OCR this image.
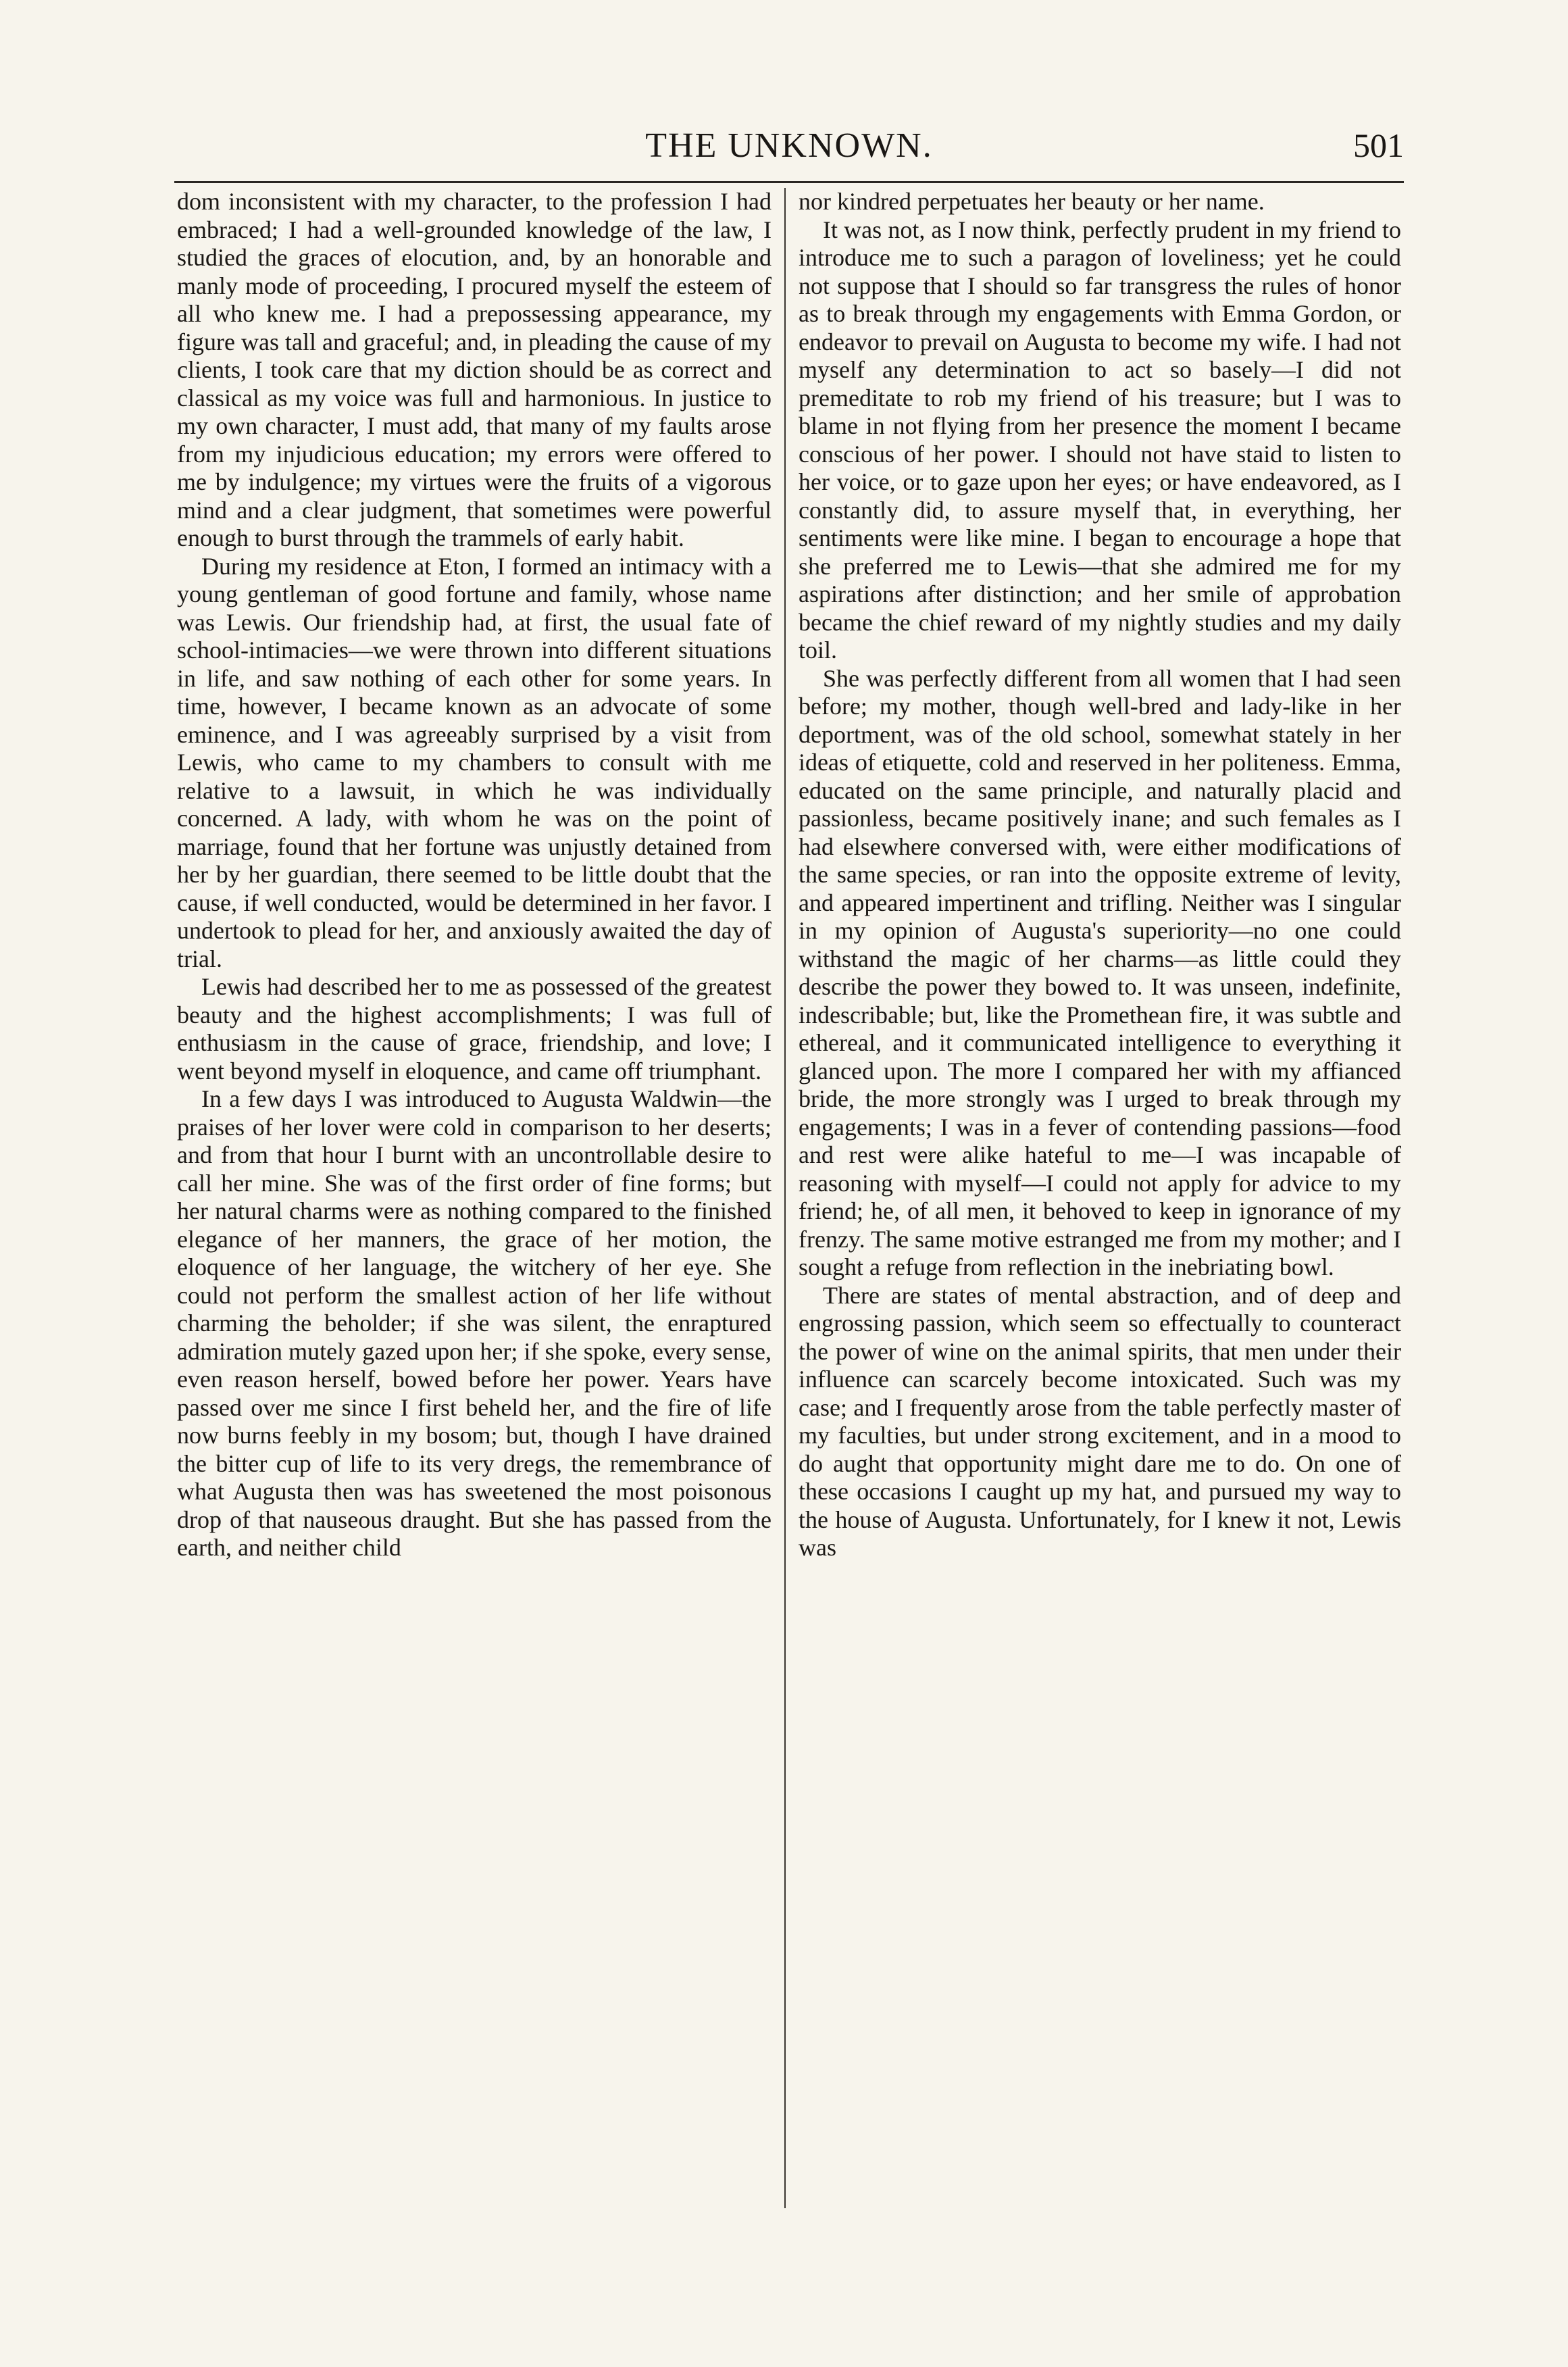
THE UNKNOWN.	501

dom inconsistent with my character, to the profession I had embraced; I had a well-grounded knowledge of the law, I studied the graces of elocution, and, by an honorable and manly mode of proceeding, I procured myself the esteem of all who knew me. I had a prepossessing appearance, my figure was tall and graceful; and, in pleading the cause of my clients, I took care that my diction should be as correct and classical as my voice was full and harmonious. In justice to my own character, I must add, that many of my faults arose from my injudicious education; my errors were offered to me by indulgence; my virtues were the fruits of a vigorous mind and a clear judgment, that sometimes were powerful enough to burst through the trammels of early habit.

During my residence at Eton, I formed an intimacy with a young gentleman of good fortune and family, whose name was Lewis. Our friendship had, at first, the usual fate of school-intimacies—we were thrown into different situations in life, and saw nothing of each other for some years. In time, however, I became known as an advocate of some eminence, and I was agreeably surprised by a visit from Lewis, who came to my chambers to consult with me relative to a lawsuit, in which he was individually concerned. A lady, with whom he was on the point of marriage, found that her fortune was unjustly detained from her by her guardian, there seemed to be little doubt that the cause, if well conducted, would be determined in her favor. I undertook to plead for her, and anxiously awaited the day of trial.

Lewis had described her to me as possessed of the greatest beauty and the highest accomplishments; I was full of enthusiasm in the cause of grace, friendship, and love; I went beyond myself in eloquence, and came off triumphant.

In a few days I was introduced to Augusta Waldwin—the praises of her lover were cold in comparison to her deserts; and from that hour I burnt with an uncontrollable desire to call her mine. She was of the first order of fine forms; but her natural charms were as nothing compared to the finished elegance of her manners, the grace of her motion, the eloquence of her language, the witchery of her eye. She could not perform the smallest action of her life without charming the beholder; if she was silent, the enraptured admiration mutely gazed upon her; if she spoke, every sense, even reason herself, bowed before her power. Years have passed over me since I first beheld her, and the fire of life now burns feebly in my bosom; but, though I have drained the bitter cup of life to its very dregs, the remembrance of what Augusta then was has sweetened the most poisonous drop of that nauseous draught. But she has passed from the earth, and neither child

nor kindred perpetuates her beauty or her name.

It was not, as I now think, perfectly prudent in my friend to introduce me to such a paragon of loveliness; yet he could not suppose that I should so far transgress the rules of honor as to break through my engagements with Emma Gordon, or endeavor to prevail on Augusta to become my wife. I had not myself any determination to act so basely—I did not premeditate to rob my friend of his treasure; but I was to blame in not flying from her presence the moment I became conscious of her power. I should not have staid to listen to her voice, or to gaze upon her eyes; or have endeavored, as I constantly did, to assure myself that, in everything, her sentiments were like mine. I began to encourage a hope that she preferred me to Lewis—that she admired me for my aspirations after distinction; and her smile of approbation became the chief reward of my nightly studies and my daily toil.

She was perfectly different from all women that I had seen before; my mother, though well-bred and lady-like in her deportment, was of the old school, somewhat stately in her ideas of etiquette, cold and reserved in her politeness. Emma, educated on the same principle, and naturally placid and passionless, became positively inane; and such females as I had elsewhere conversed with, were either modifications of the same species, or ran into the opposite extreme of levity, and appeared impertinent and trifling. Neither was I singular in my opinion of Augusta's superiority—no one could withstand the magic of her charms—as little could they describe the power they bowed to. It was unseen, indefinite, indescribable; but, like the Promethean fire, it was subtle and ethereal, and it communicated intelligence to everything it glanced upon. The more I compared her with my affianced bride, the more strongly was I urged to break through my engagements; I was in a fever of contending passions—food and rest were alike hateful to me—I was incapable of reasoning with myself—I could not apply for advice to my friend; he, of all men, it behoved to keep in ignorance of my frenzy. The same motive estranged me from my mother; and I sought a refuge from reflection in the inebriating bowl.

There are states of mental abstraction, and of deep and engrossing passion, which seem so effectually to counteract the power of wine on the animal spirits, that men under their influence can scarcely become intoxicated. Such was my case; and I frequently arose from the table perfectly master of my faculties, but under strong excitement, and in a mood to do aught that opportunity might dare me to do. On one of these occasions I caught up my hat, and pursued my way to the house of Augusta. Unfortunately, for I knew it not, Lewis was
